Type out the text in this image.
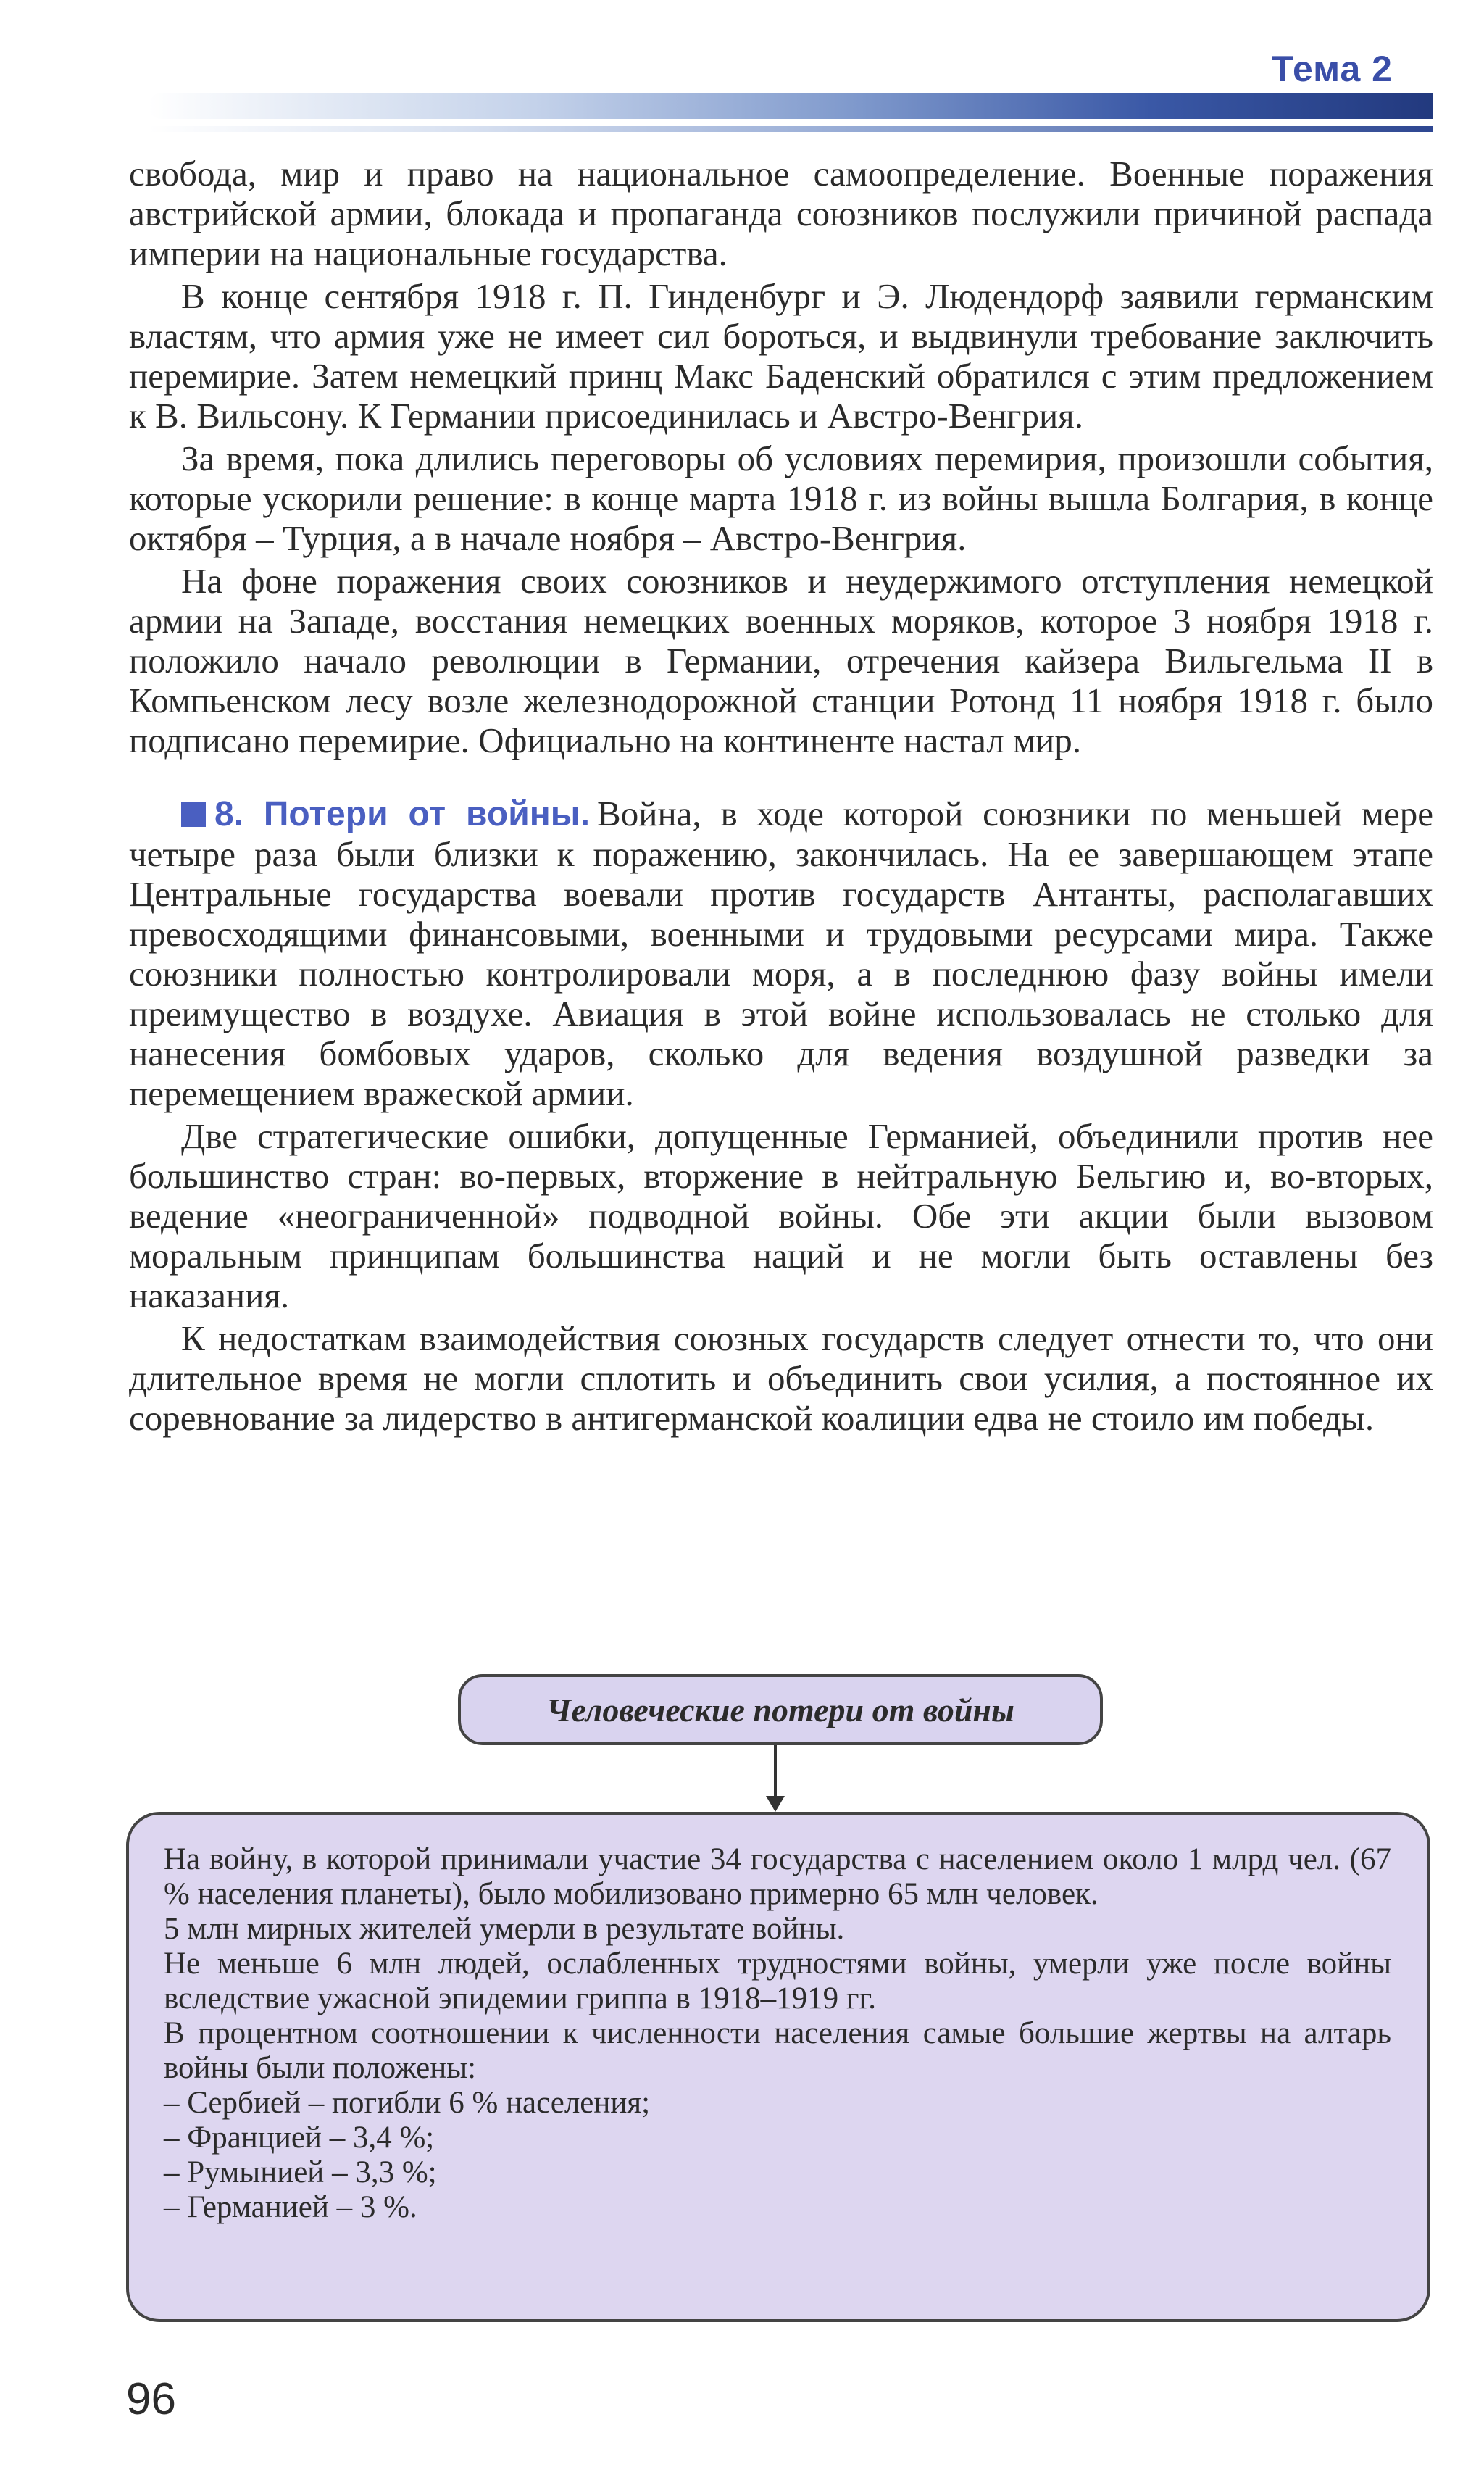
Тема 2

свобода, мир и право на национальное самоопределение. Военные поражения австрийской армии, блокада и пропаганда союзников послужили причиной распада империи на национальные государства.

В конце сентября 1918 г. П. Гинденбург и Э. Людендорф заявили германским властям, что армия уже не имеет сил бороться, и выдвинули требование заключить перемирие. Затем немецкий принц Макс Баденский обратился с этим предложением к В. Вильсону. К Германии присоединилась и Австро-Венгрия.

За время, пока длились переговоры об условиях перемирия, произошли события, которые ускорили решение: в конце марта 1918 г. из войны вышла Болгария, в конце октября – Турция, а в начале ноября – Австро-Венгрия.

На фоне поражения своих союзников и неудержимого отступления немецкой армии на Западе, восстания немецких военных моряков, которое 3 ноября 1918 г. положило начало революции в Германии, отречения кайзера Вильгельма II в Компьенском лесу возле железнодорожной станции Ротонд 11 ноября 1918 г. было подписано перемирие. Официально на континенте настал мир.

8. Потери от войны. Война, в ходе которой союзники по меньшей мере четыре раза были близки к поражению, закончилась. На ее завершающем этапе Центральные государства воевали против государств Антанты, располагавших превосходящими финансовыми, военными и трудовыми ресурсами мира. Также союзники полностью контролировали моря, а в последнюю фазу войны имели преимущество в воздухе. Авиация в этой войне использовалась не столько для нанесения бомбовых ударов, сколько для ведения воздушной разведки за перемещением вражеской армии.

Две стратегические ошибки, допущенные Германией, объединили против нее большинство стран: во-первых, вторжение в нейтральную Бельгию и, во-вторых, ведение «неограниченной» подводной войны. Обе эти акции были вызовом моральным принципам большинства наций и не могли быть оставлены без наказания.

К недостаткам взаимодействия союзных государств следует отнести то, что они длительное время не могли сплотить и объединить свои усилия, а постоянное их соревнование за лидерство в антигерманской коалиции едва не стоило им победы.

Человеческие потери от войны

На войну, в которой принимали участие 34 государства с населением около 1 млрд чел. (67 % населения планеты), было мобилизовано примерно 65 млн человек.

5 млн мирных жителей умерли в результате войны.

Не меньше 6 млн людей, ослабленных трудностями войны, умерли уже после войны вследствие ужасной эпидемии гриппа в 1918–1919 гг.

В процентном соотношении к численности населения самые большие жертвы на алтарь войны были положены:

– Сербией – погибли 6 % населения;

– Францией – 3,4 %;

– Румынией – 3,3 %;

– Германией – 3 %.

96
